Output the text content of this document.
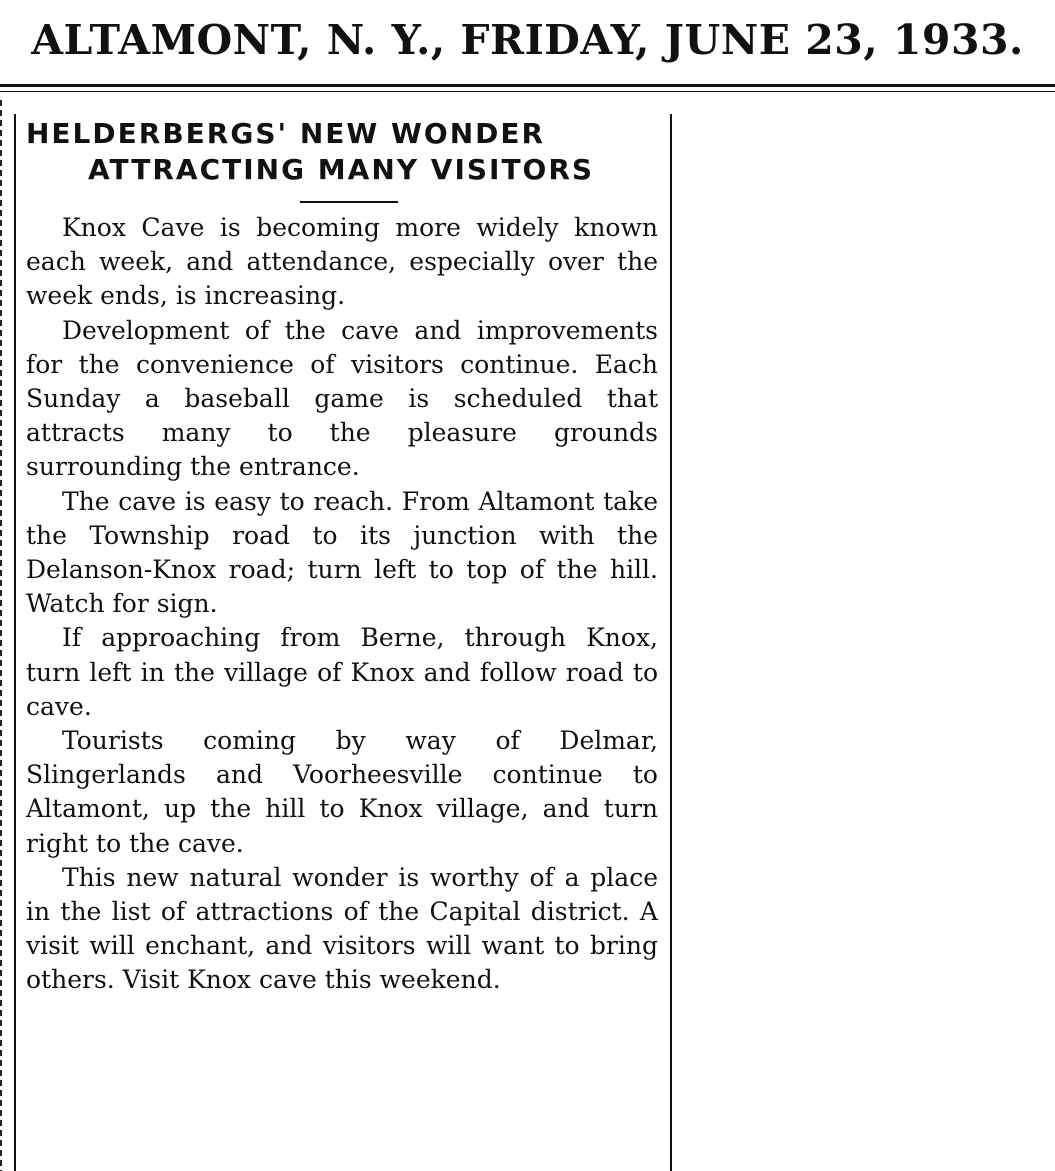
ALTAMONT, N. Y., FRIDAY, JUNE 23, 1933.
HELDERBERGS' NEW WONDER
ATTRACTING MANY VISITORS

Knox Cave is becoming more widely known each week, and attendance, especially over the week ends, is increasing.

Development of the cave and improvements for the convenience of visitors continue. Each Sunday a baseball game is scheduled that attracts many to the pleasure grounds surrounding the entrance.

The cave is easy to reach. From Altamont take the Township road to its junction with the Delanson-Knox road; turn left to top of the hill. Watch for sign.

If approaching from Berne, through Knox, turn left in the village of Knox and follow road to cave.

Tourists coming by way of Delmar, Slingerlands and Voorheesville continue to Altamont, up the hill to Knox village, and turn right to the cave.

This new natural wonder is worthy of a place in the list of attractions of the Capital district. A visit will enchant, and visitors will want to bring others. Visit Knox cave this weekend.
